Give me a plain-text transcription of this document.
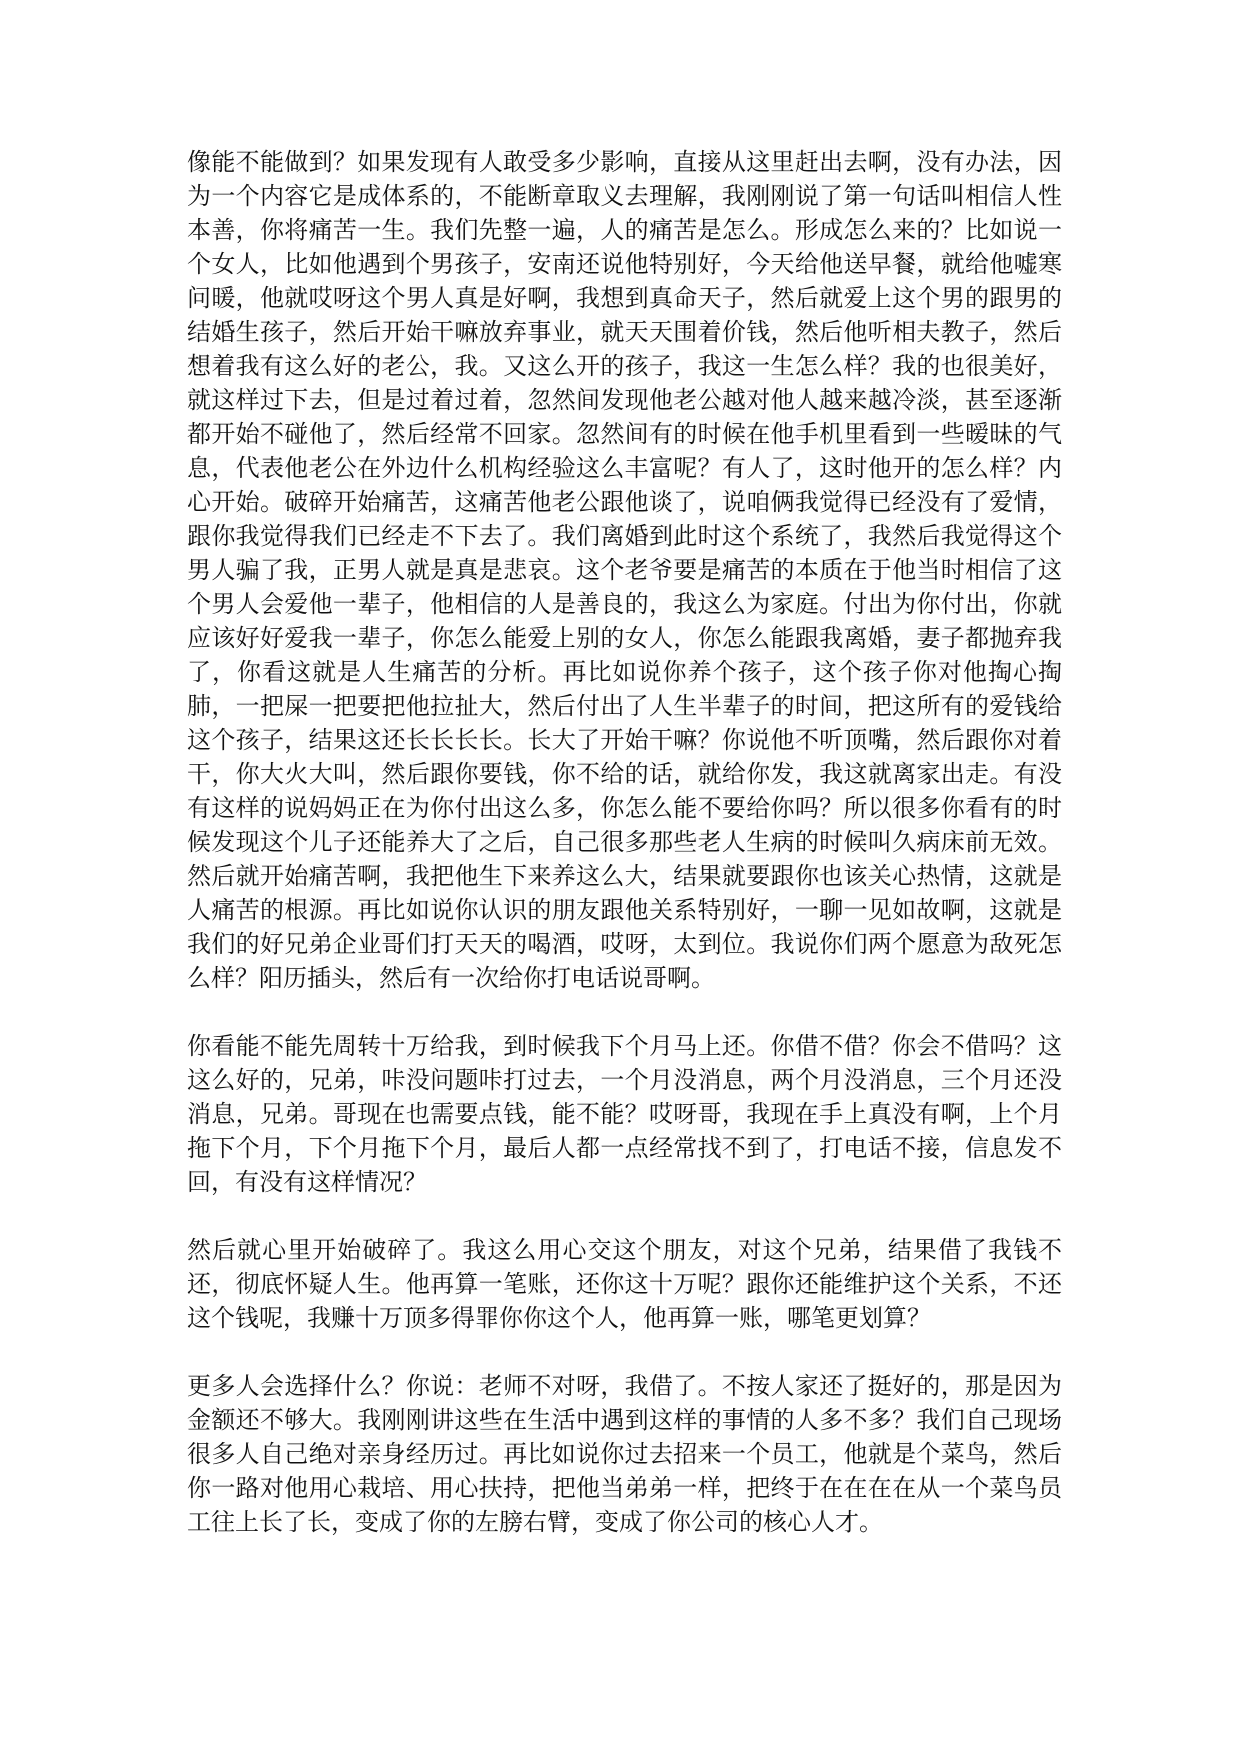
像能不能做到？如果发现有人敢受多少影响，直接从这里赶出去啊，没有办法，因为一个内容它是成体系的，不能断章取义去理解，我刚刚说了第一句话叫相信人性本善，你将痛苦一生。我们先整一遍，人的痛苦是怎么。形成怎么来的？比如说一个女人，比如他遇到个男孩子，安南还说他特别好，今天给他送早餐，就给他嘘寒问暖，他就哎呀这个男人真是好啊，我想到真命天子，然后就爱上这个男的跟男的结婚生孩子，然后开始干嘛放弃事业，就天天围着价钱，然后他听相夫教子，然后想着我有这么好的老公，我。又这么开的孩子，我这一生怎么样？我的也很美好，就这样过下去，但是过着过着，忽然间发现他老公越对他人越来越冷淡，甚至逐渐都开始不碰他了，然后经常不回家。忽然间有的时候在他手机里看到一些暧昧的气息，代表他老公在外边什么机构经验这么丰富呢？有人了，这时他开的怎么样？内心开始。破碎开始痛苦，这痛苦他老公跟他谈了，说咱俩我觉得已经没有了爱情，跟你我觉得我们已经走不下去了。我们离婚到此时这个系统了，我然后我觉得这个男人骗了我，正男人就是真是悲哀。这个老爷要是痛苦的本质在于他当时相信了这个男人会爱他一辈子，他相信的人是善良的，我这么为家庭。付出为你付出，你就应该好好爱我一辈子，你怎么能爱上别的女人，你怎么能跟我离婚，妻子都抛弃我了，你看这就是人生痛苦的分析。再比如说你养个孩子，这个孩子你对他掏心掏肺，一把屎一把要把他拉扯大，然后付出了人生半辈子的时间，把这所有的爱钱给这个孩子，结果这还长长长长。长大了开始干嘛？你说他不听顶嘴，然后跟你对着干，你大火大叫，然后跟你要钱，你不给的话，就给你发，我这就离家出走。有没有这样的说妈妈正在为你付出这么多，你怎么能不要给你吗？所以很多你看有的时候发现这个儿子还能养大了之后，自己很多那些老人生病的时候叫久病床前无效。然后就开始痛苦啊，我把他生下来养这么大，结果就要跟你也该关心热情，这就是人痛苦的根源。再比如说你认识的朋友跟他关系特别好，一聊一见如故啊，这就是我们的好兄弟企业哥们打天天的喝酒，哎呀，太到位。我说你们两个愿意为敌死怎么样？阳历插头，然后有一次给你打电话说哥啊。

你看能不能先周转十万给我，到时候我下个月马上还。你借不借？你会不借吗？这这么好的，兄弟，咔没问题咔打过去，一个月没消息，两个月没消息，三个月还没消息，兄弟。哥现在也需要点钱，能不能？哎呀哥，我现在手上真没有啊，上个月拖下个月，下个月拖下个月，最后人都一点经常找不到了，打电话不接，信息发不回，有没有这样情况？

然后就心里开始破碎了。我这么用心交这个朋友，对这个兄弟，结果借了我钱不还，彻底怀疑人生。他再算一笔账，还你这十万呢？跟你还能维护这个关系，不还这个钱呢，我赚十万顶多得罪你你这个人，他再算一账，哪笔更划算？

更多人会选择什么？你说：老师不对呀，我借了。不按人家还了挺好的，那是因为金额还不够大。我刚刚讲这些在生活中遇到这样的事情的人多不多？我们自己现场很多人自己绝对亲身经历过。再比如说你过去招来一个员工，他就是个菜鸟，然后你一路对他用心栽培、用心扶持，把他当弟弟一样，把终于在在在在从一个菜鸟员工往上长了长，变成了你的左膀右臂，变成了你公司的核心人才。
